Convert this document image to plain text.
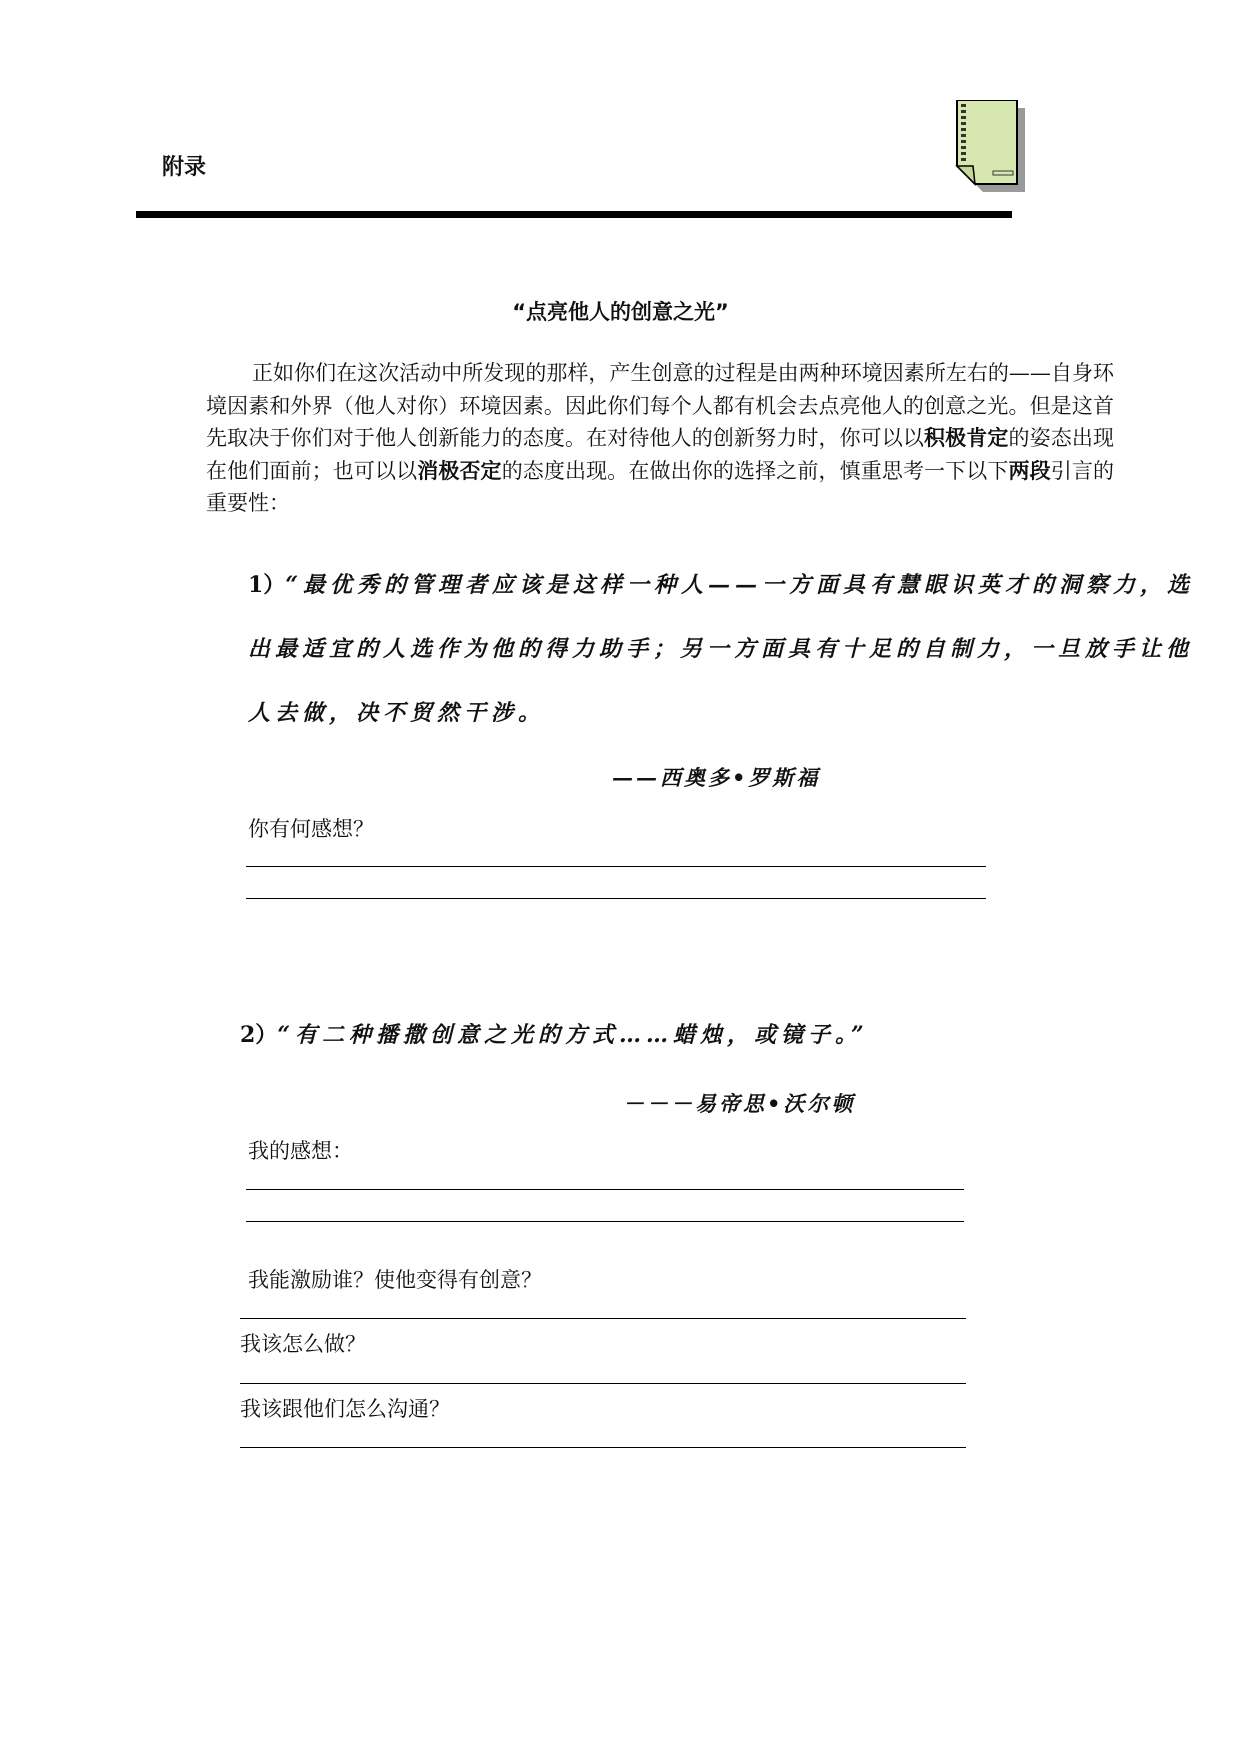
附录
“点亮他人的创意之光”
正如你们在这次活动中所发现的那样，产生创意的过程是由两种环境因素所左右的——自身环境因素和外界（他人对你）环境因素。因此你们每个人都有机会去点亮他人的创意之光。但是这首先取决于你们对于他人创新能力的态度。在对待他人的创新努力时，你可以以积极肯定的姿态出现在他们面前；也可以以消极否定的态度出现。在做出你的选择之前，慎重思考一下以下两段引言的重要性：
1）“最优秀的管理者应该是这样一种人——一方面具有慧眼识英才的洞察力，选
出最适宜的人选作为他的得力助手；另一方面具有十足的自制力，一旦放手让他
人去做，决不贸然干涉。
——西奥多•罗斯福
你有何感想？
2）“有二种播撒创意之光的方式……蜡烛，或镜子。”
－－－易帝思•沃尔顿
我的感想：
我能激励谁？使他变得有创意？
我该怎么做？
我该跟他们怎么沟通？
